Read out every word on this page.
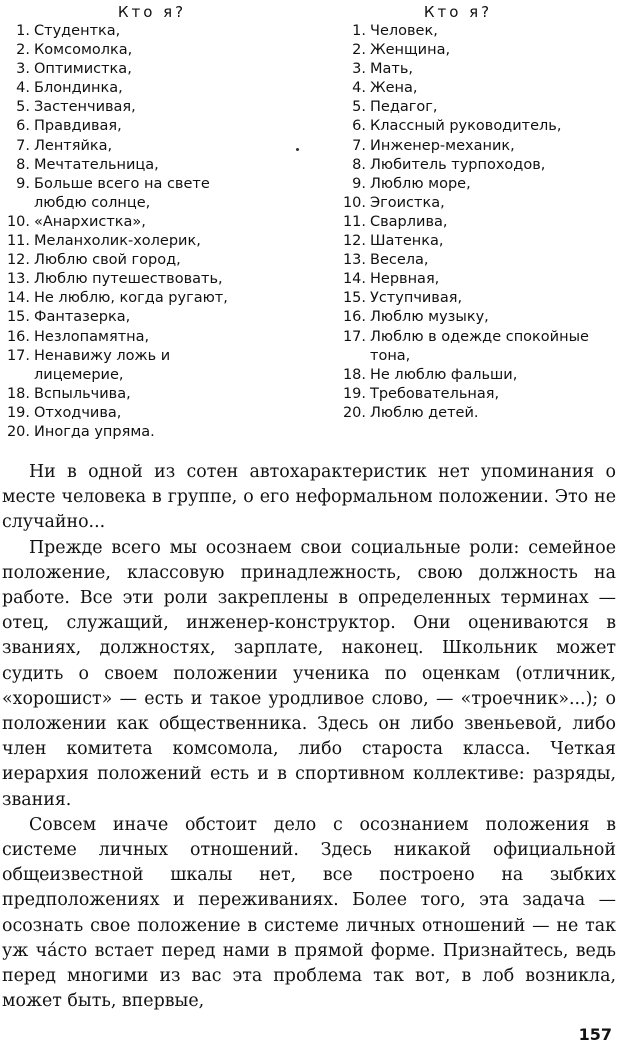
Кто я?
1. Студентка,
2. Комсомолка,
3. Оптимистка,
4. Блондинка,
5. Застенчивая,
6. Правдивая,
7. Лентяйка,
8. Мечтательница,
9. Больше всего на свете любдю солнце,
10. «Анархистка»,
11. Меланхолик-холерик,
12. Люблю свой город,
13. Люблю путешествовать,
14. Не люблю, когда ругают,
15. Фантазерка,
16. Незлопамятна,
17. Ненавижу ложь и лицемерие,
18. Вспыльчива,
19. Отходчива,
20. Иногда упряма.
Кто я?
1. Человек,
2. Женщина,
3. Мать,
4. Жена,
5. Педагог,
6. Классный руководитель,
7. Инженер-механик,
8. Любитель турпоходов,
9. Люблю море,
10. Эгоистка,
11. Сварлива,
12. Шатенка,
13. Весела,
14. Нервная,
15. Уступчивая,
16. Люблю музыку,
17. Люблю в одежде спокойные тона,
18. Не люблю фальши,
19. Требовательная,
20. Люблю детей.

Ни в одной из сотен автохарактеристик нет упоминания о месте человека в группе, о его неформальном положении. Это не случайно...

Прежде всего мы осознаем свои социальные роли: семейное положение, классовую принадлежность, свою должность на работе. Все эти роли закреплены в определенных терминах — отец, служащий, инженер-конструктор. Они оцениваются в званиях, должностях, зарплате, наконец. Школьник может судить о своем положении ученика по оценкам (отличник, «хорошист» — есть и такое уродливое слово, — «троечник»...); о положении как общественника. Здесь он либо звеньевой, либо член комитета комсомола, либо староста класса. Четкая иерархия положений есть и в спортивном коллективе: разряды, звания.

Совсем иначе обстоит дело с осознанием положения в системе личных отношений. Здесь никакой официальной общеизвестной шкалы нет, все построено на зыбких предположениях и переживаниях. Более того, эта задача — осознать свое положение в системе личных отношений — не так уж ча́сто встает перед нами в прямой форме. Признайтесь, ведь перед многими из вас эта проблема так вот, в лоб возникла, может быть, впервые,

157
